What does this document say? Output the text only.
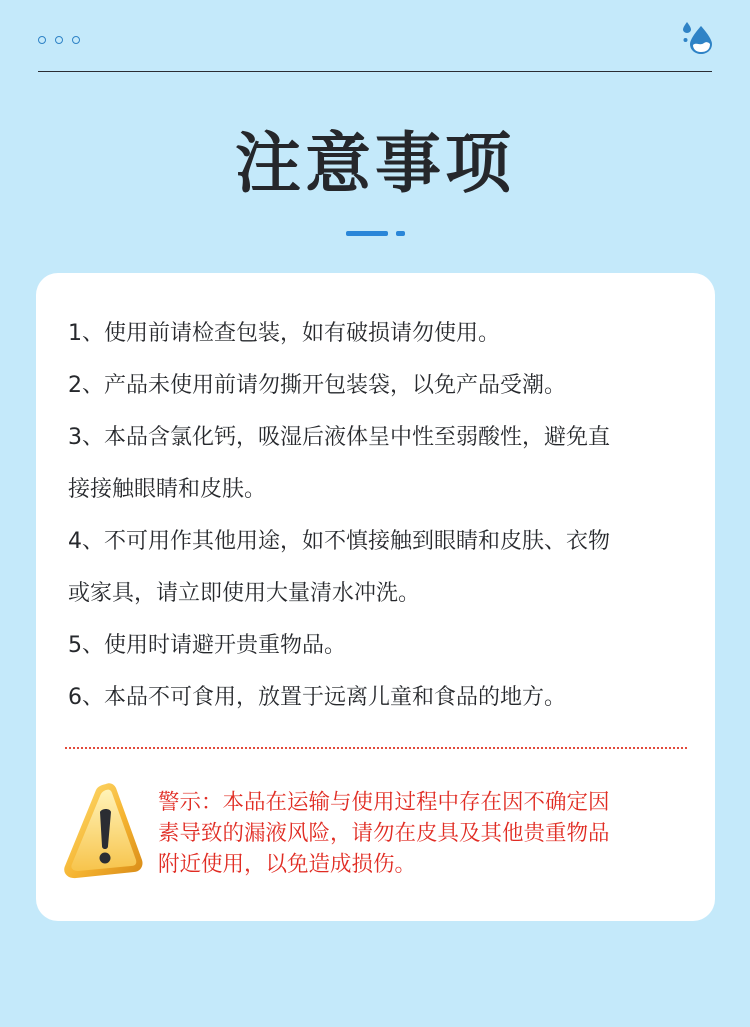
注意事项
1、使用前请检查包装，如有破损请勿使用。
2、产品未使用前请勿撕开包装袋，以免产品受潮。
3、本品含氯化钙，吸湿后液体呈中性至弱酸性，避免直
接接触眼睛和皮肤。
4、不可用作其他用途，如不慎接触到眼睛和皮肤、衣物
或家具，请立即使用大量清水冲洗。
5、使用时请避开贵重物品。
6、本品不可食用，放置于远离儿童和食品的地方。
警示：本品在运输与使用过程中存在因不确定因
素导致的漏液风险，请勿在皮具及其他贵重物品
附近使用，以免造成损伤。
